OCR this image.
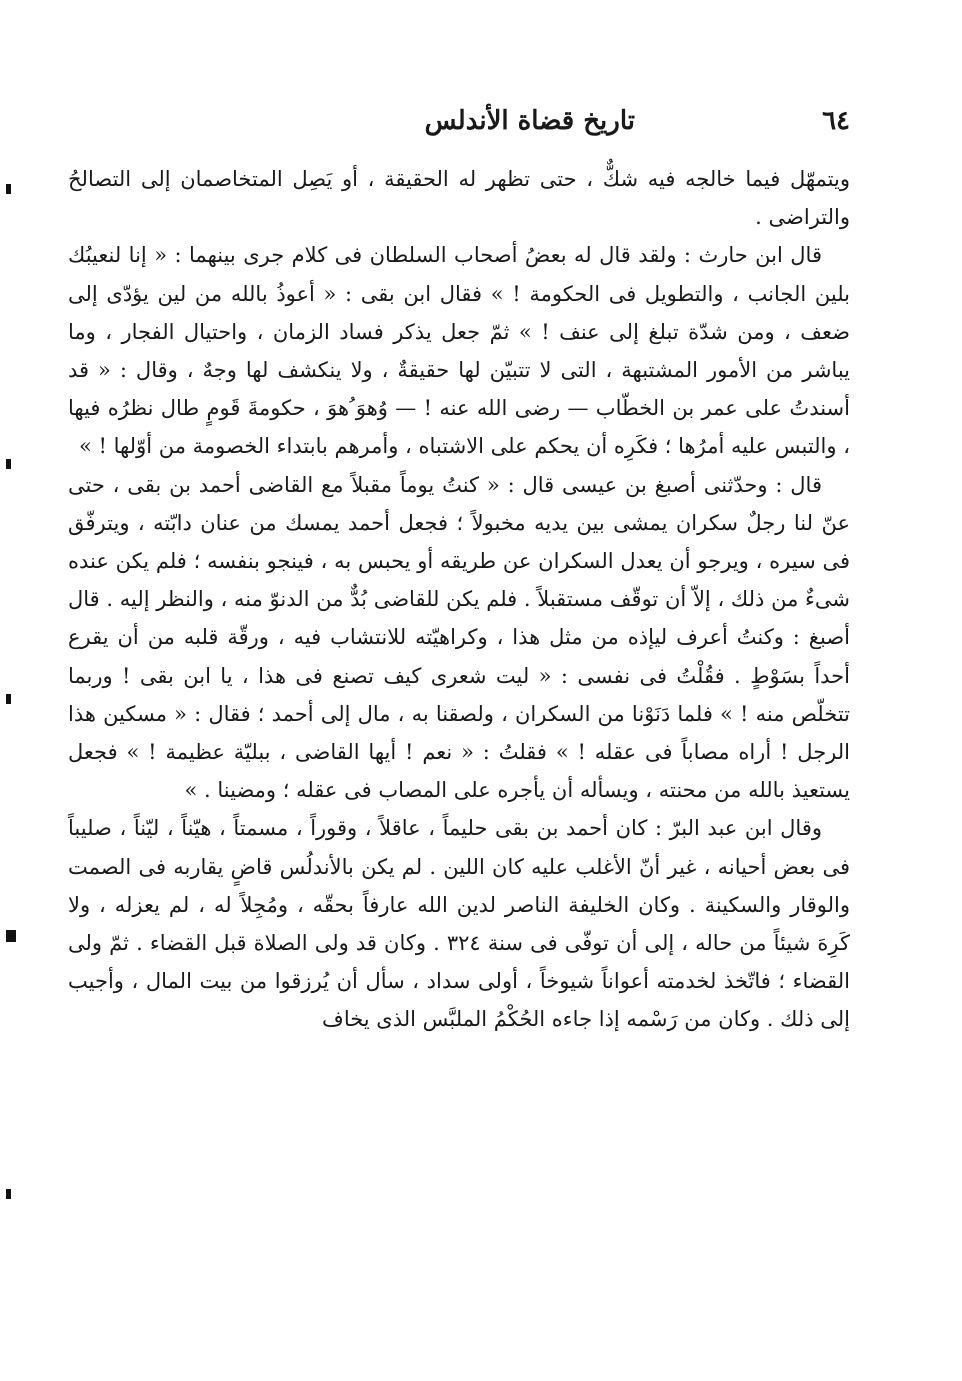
٦٤
تاريخ قضاة الأندلس

ويتمهّل فيما خالجه فيه شكٌّ ، حتى تظهر له الحقيقة ، أو يَصِل المتخاصمان إلى التصالحُ والتراضى .

قال ابن حارث : ولقد قال له بعضُ أصحاب السلطان فى كلام جرى بينهما : « إنا لنعيبُك بلين الجانب ، والتطويل فى الحكومة ! » فقال ابن بقى : « أعوذُ بالله من لين يؤدّى إلى ضعف ، ومن شدّة تبلغ إلى عنف ! » ثمّ جعل يذكر فساد الزمان ، واحتيال الفجار ، وما يباشر من الأمور المشتبهة ، التى لا تتبيّن لها حقيقةٌ ، ولا ينكشف لها وجهٌ ، وقال : « قد أسندتُ على عمر بن الخطّاب — رضى الله عنه ! — وُهوَ ُهوَ ، حكومةَ قَومٍ طال نظرُه فيها ، والتبس عليه أمرُها ؛ فكَرِه أن يحكم على الاشتباه ، وأمرهم بابتداء الخصومة من أوّلها ! »

قال : وحدّثنى أصبغ بن عيسى قال : « كنتُ يوماً مقبلاً مع القاضى أحمد بن بقى ، حتى عنّ لنا رجلٌ سكران يمشى بين يديه مخبولاً ؛ فجعل أحمد يمسك من عنان دابّته ، ويترفّق فى سيره ، ويرجو أن يعدل السكران عن طريقه أو يحبس به ، فينجو بنفسه ؛ فلم يكن عنده شىءٌ من ذلك ، إلاّ أن توقّف مستقبلاً . فلم يكن للقاضى بُدٌّ من الدنوّ منه ، والنظر إليه . قال أصبغ : وكنتُ أعرف ليإذه من مثل هذا ، وكراهيّته للانتشاب فيه ، ورقّة قلبه من أن يقرع أحداً بسَوْطٍ . فقُلْتُ فى نفسى : « ليت شعرى كيف تصنع فى هذا ، يا ابن بقى ! وربما تتخلّص منه ! » فلما دَنَوْنا من السكران ، ولصقنا به ، مال إلى أحمد ؛ فقال : « مسكين هذا الرجل ! أراه مصاباً فى عقله ! » فقلتُ : « نعم ! أيها القاضى ، ببليّة عظيمة ! » فجعل يستعيذ بالله من محنته ، ويسأله أن يأجره على المصاب فى عقله ؛ ومضينا . »

وقال ابن عبد البرّ : كان أحمد بن بقى حليماً ، عاقلاً ، وقوراً ، مسمتاً ، هيّناً ، ليّناً ، صليباً فى بعض أحيانه ، غير أنّ الأغلب عليه كان اللين . لم يكن بالأندلُس قاضٍ يقاربه فى الصمت والوقار والسكينة . وكان الخليفة الناصر لدين الله عارفاً بحقّه ، ومُجِلاً له ، لم يعزله ، ولا كَرِهَ شيئاً من حاله ، إلى أن توفّى فى سنة ٣٢٤ . وكان قد ولى الصلاة قبل القضاء . ثمّ ولى القضاء ؛ فاتّخذ لخدمته أعواناً شيوخاً ، أولى سداد ، سأل أن يُرزقوا من بيت المال ، وأجيب إلى ذلك . وكان من رَسْمه إذا جاءه الحُكْمُ الملبَّس الذى يخاف
